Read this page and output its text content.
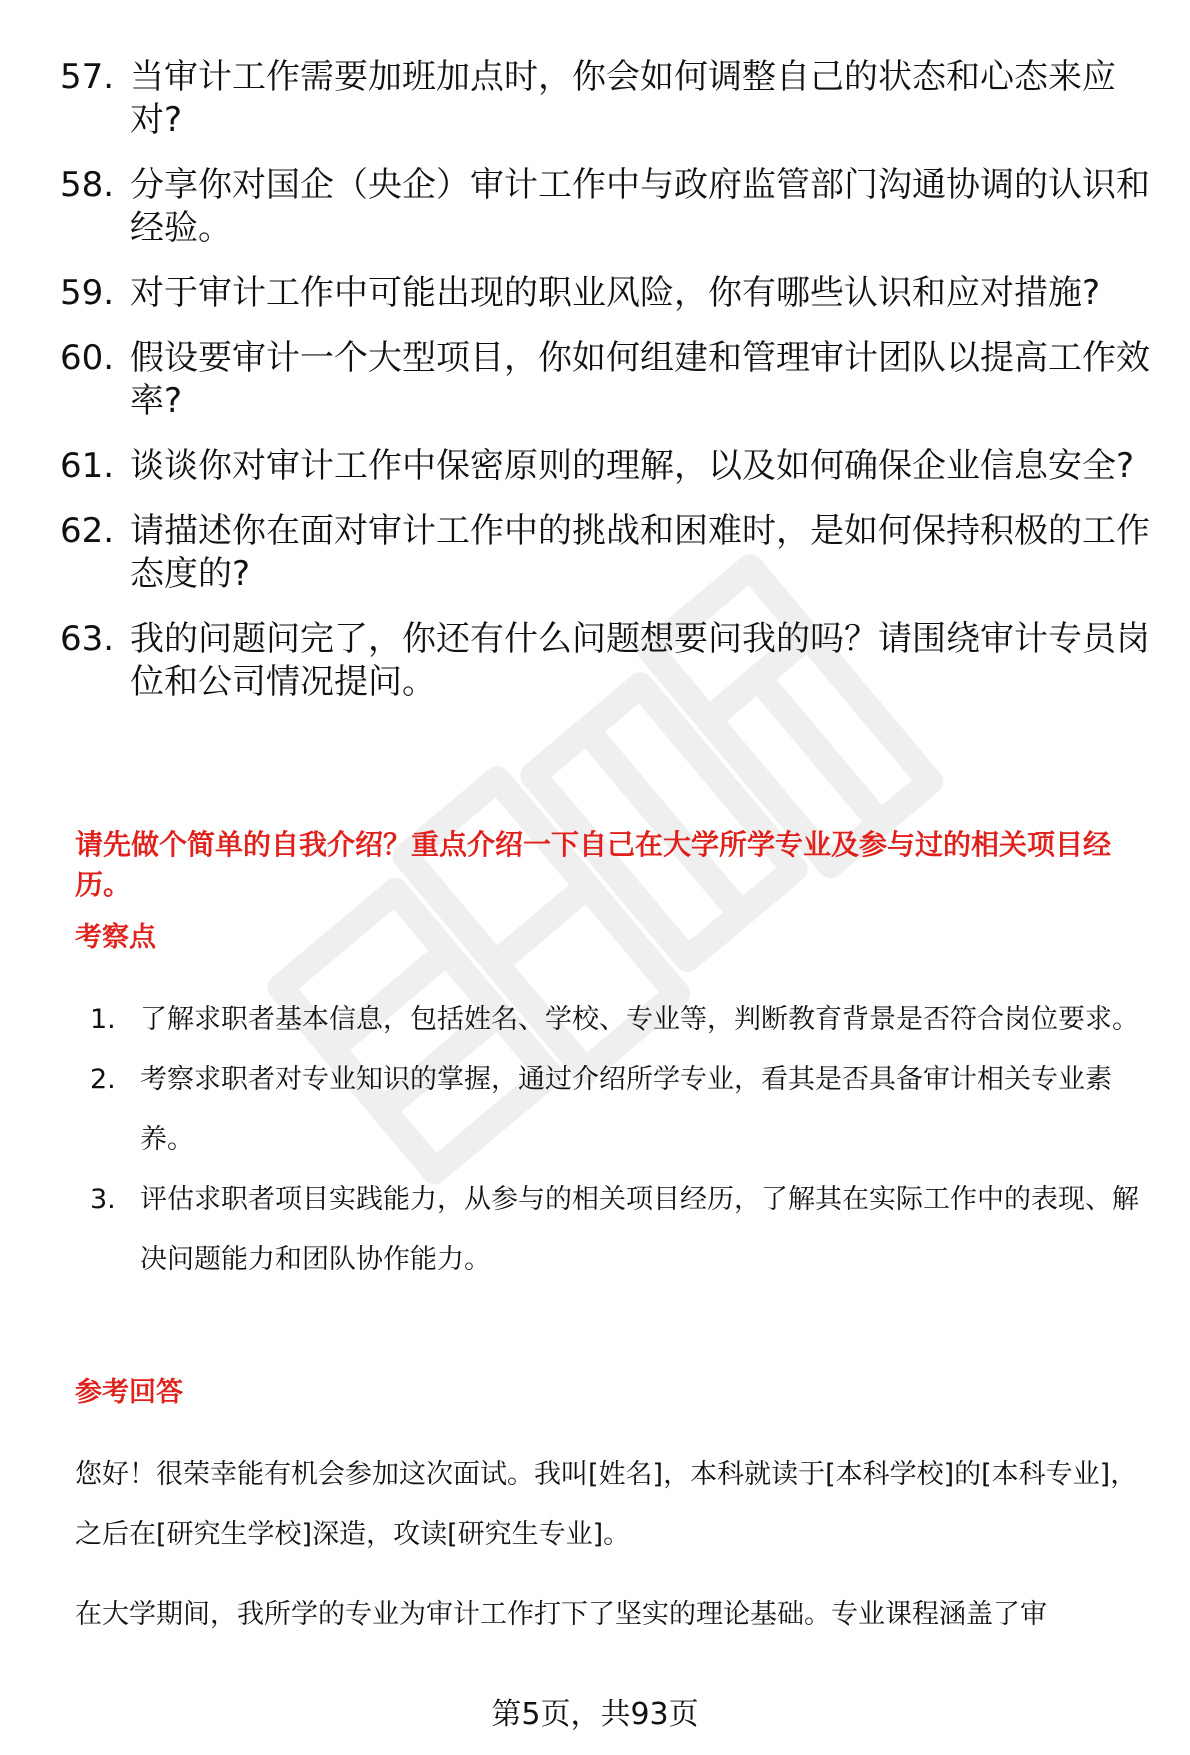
57. 当审计工作需要加班加点时，你会如何调整自己的状态和心态来应对?
58. 分享你对国企（央企）审计工作中与政府监管部门沟通协调的认识和经验。
59. 对于审计工作中可能出现的职业风险，你有哪些认识和应对措施?
60. 假设要审计一个大型项目，你如何组建和管理审计团队以提高工作效率?
61. 谈谈你对审计工作中保密原则的理解，以及如何确保企业信息安全?
62. 请描述你在面对审计工作中的挑战和困难时，是如何保持积极的工作态度的?
63. 我的问题问完了，你还有什么问题想要问我的吗？请围绕审计专员岗位和公司情况提问。

请先做个简单的自我介绍？重点介绍一下自己在大学所学专业及参与过的相关项目经历。

考察点

1. 了解求职者基本信息，包括姓名、学校、专业等，判断教育背景是否符合岗位要求。
2. 考察求职者对专业知识的掌握，通过介绍所学专业，看其是否具备审计相关专业素养。
3. 评估求职者项目实践能力，从参与的相关项目经历，了解其在实际工作中的表现、解决问题能力和团队协作能力。

参考回答

您好！很荣幸能有机会参加这次面试。我叫[姓名]，本科就读于[本科学校]的[本科专业]，之后在[研究生学校]深造，攻读[研究生专业]。

在大学期间，我所学的专业为审计工作打下了坚实的理论基础。专业课程涵盖了审

第5页，共93页
